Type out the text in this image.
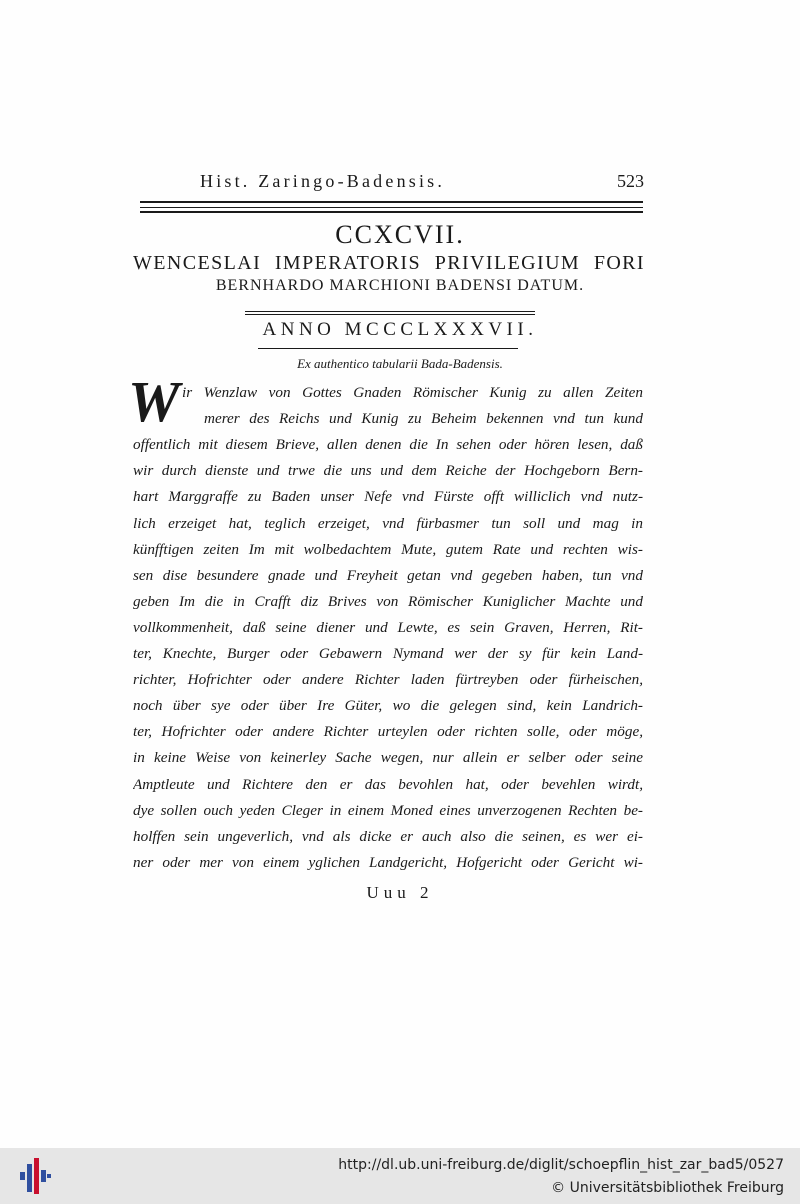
Hist. Zaringo-Badensis.	523
CCXCVII.
WENCESLAI IMPERATORIS PRIVILEGIUM FORI
BERNHARDO MARCHIONI BADENSI DATUM.
ANNO MCCCLXXXVII.
Ex authentico tabularii Bada-Badensis.
W ir Wenzlaw von Gottes Gnaden Römischer Kunig zu allen Zeiten
merer des Reichs und Kunig zu Beheim bekennen vnd tun kund
offentlich mit diesem Brieve, allen denen die In sehen oder hören lesen, daß
wir durch dienste und trwe die uns und dem Reiche der Hochgeborn Bern-
hart Marggraffe zu Baden unser Nefe vnd Fürste offt williclich vnd nutz-
lich erzeiget hat, teglich erzeiget, vnd fürbasmer tun soll und mag in
künfftigen zeiten Im mit wolbedachtem Mute, gutem Rate und rechten wis-
sen dise besundere gnade und Freyheit getan vnd gegeben haben, tun vnd
geben Im die in Crafft diz Brives von Römischer Kuniglicher Machte und
vollkommenheit, daß seine diener und Lewte, es sein Graven, Herren, Rit-
ter, Knechte, Burger oder Gebawern Nymand wer der sy für kein Land-
richter, Hofrichter oder andere Richter laden fürtreyben oder fürheischen,
noch über sye oder über Ire Güter, wo die gelegen sind, kein Landrich-
ter, Hofrichter oder andere Richter urteylen oder richten solle, oder möge,
in keine Weise von keinerley Sache wegen, nur allein er selber oder seine
Amptleute und Richtere den er das bevohlen hat, oder bevehlen wirdt,
dye sollen ouch yeden Cleger in einem Moned eines unverzogenen Rechten be-
holffen sein ungeverlich, vnd als dicke er auch also die seinen, es wer ei-
ner oder mer von einem yglichen Landgericht, Hofgericht oder Gericht wi-
Uuu 2
http://dl.ub.uni-freiburg.de/diglit/schoepflin_hist_zar_bad5/0527
© Universitätsbibliothek Freiburg
